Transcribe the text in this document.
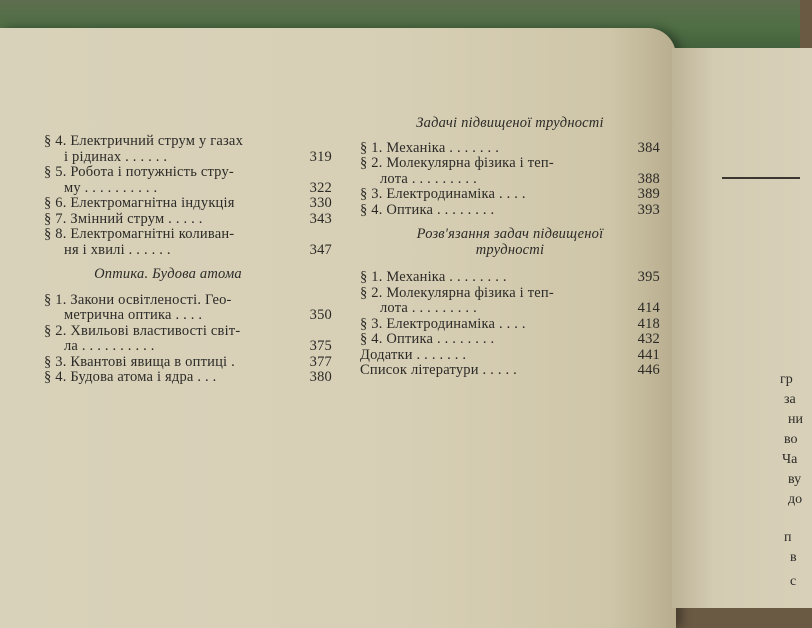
§ 4. Електричний струм у газах
і рідинах . . . . . .	319
§ 5. Робота і потужність стру-
му . . . . . . . . . .	322
§ 6. Електромагнітна індукція	330
§ 7. Змінний струм . . . . .	343
§ 8. Електромагнітні коливан-
ня і хвилі . . . . . .	347
Оптика. Будова атома
§ 1. Закони освітленості. Гео-
метрична оптика . . . .	350
§ 2. Хвильові властивості світ-
ла . . . . . . . . . .	375
§ 3. Квантові явища в оптиці .	377
§ 4. Будова атома і ядра . . .	380
Задачі підвищеної трудності
§ 1. Механіка . . . . . . .	384
§ 2. Молекулярна фізика і теп-
лота . . . . . . . . .	388
§ 3. Електродинаміка . . . .	389
§ 4. Оптика . . . . . . . .	393
Розв'язання задач підвищеної
трудності
§ 1. Механіка . . . . . . . .	395
§ 2. Молекулярна фізика і теп-
лота . . . . . . . . .	414
§ 3. Електродинаміка . . . .	418
§ 4. Оптика . . . . . . . .	432
Додатки . . . . . . .	441
Список літератури . . . . .	446
гр
за
ни
во
Ча
ву
до
п
в
с
